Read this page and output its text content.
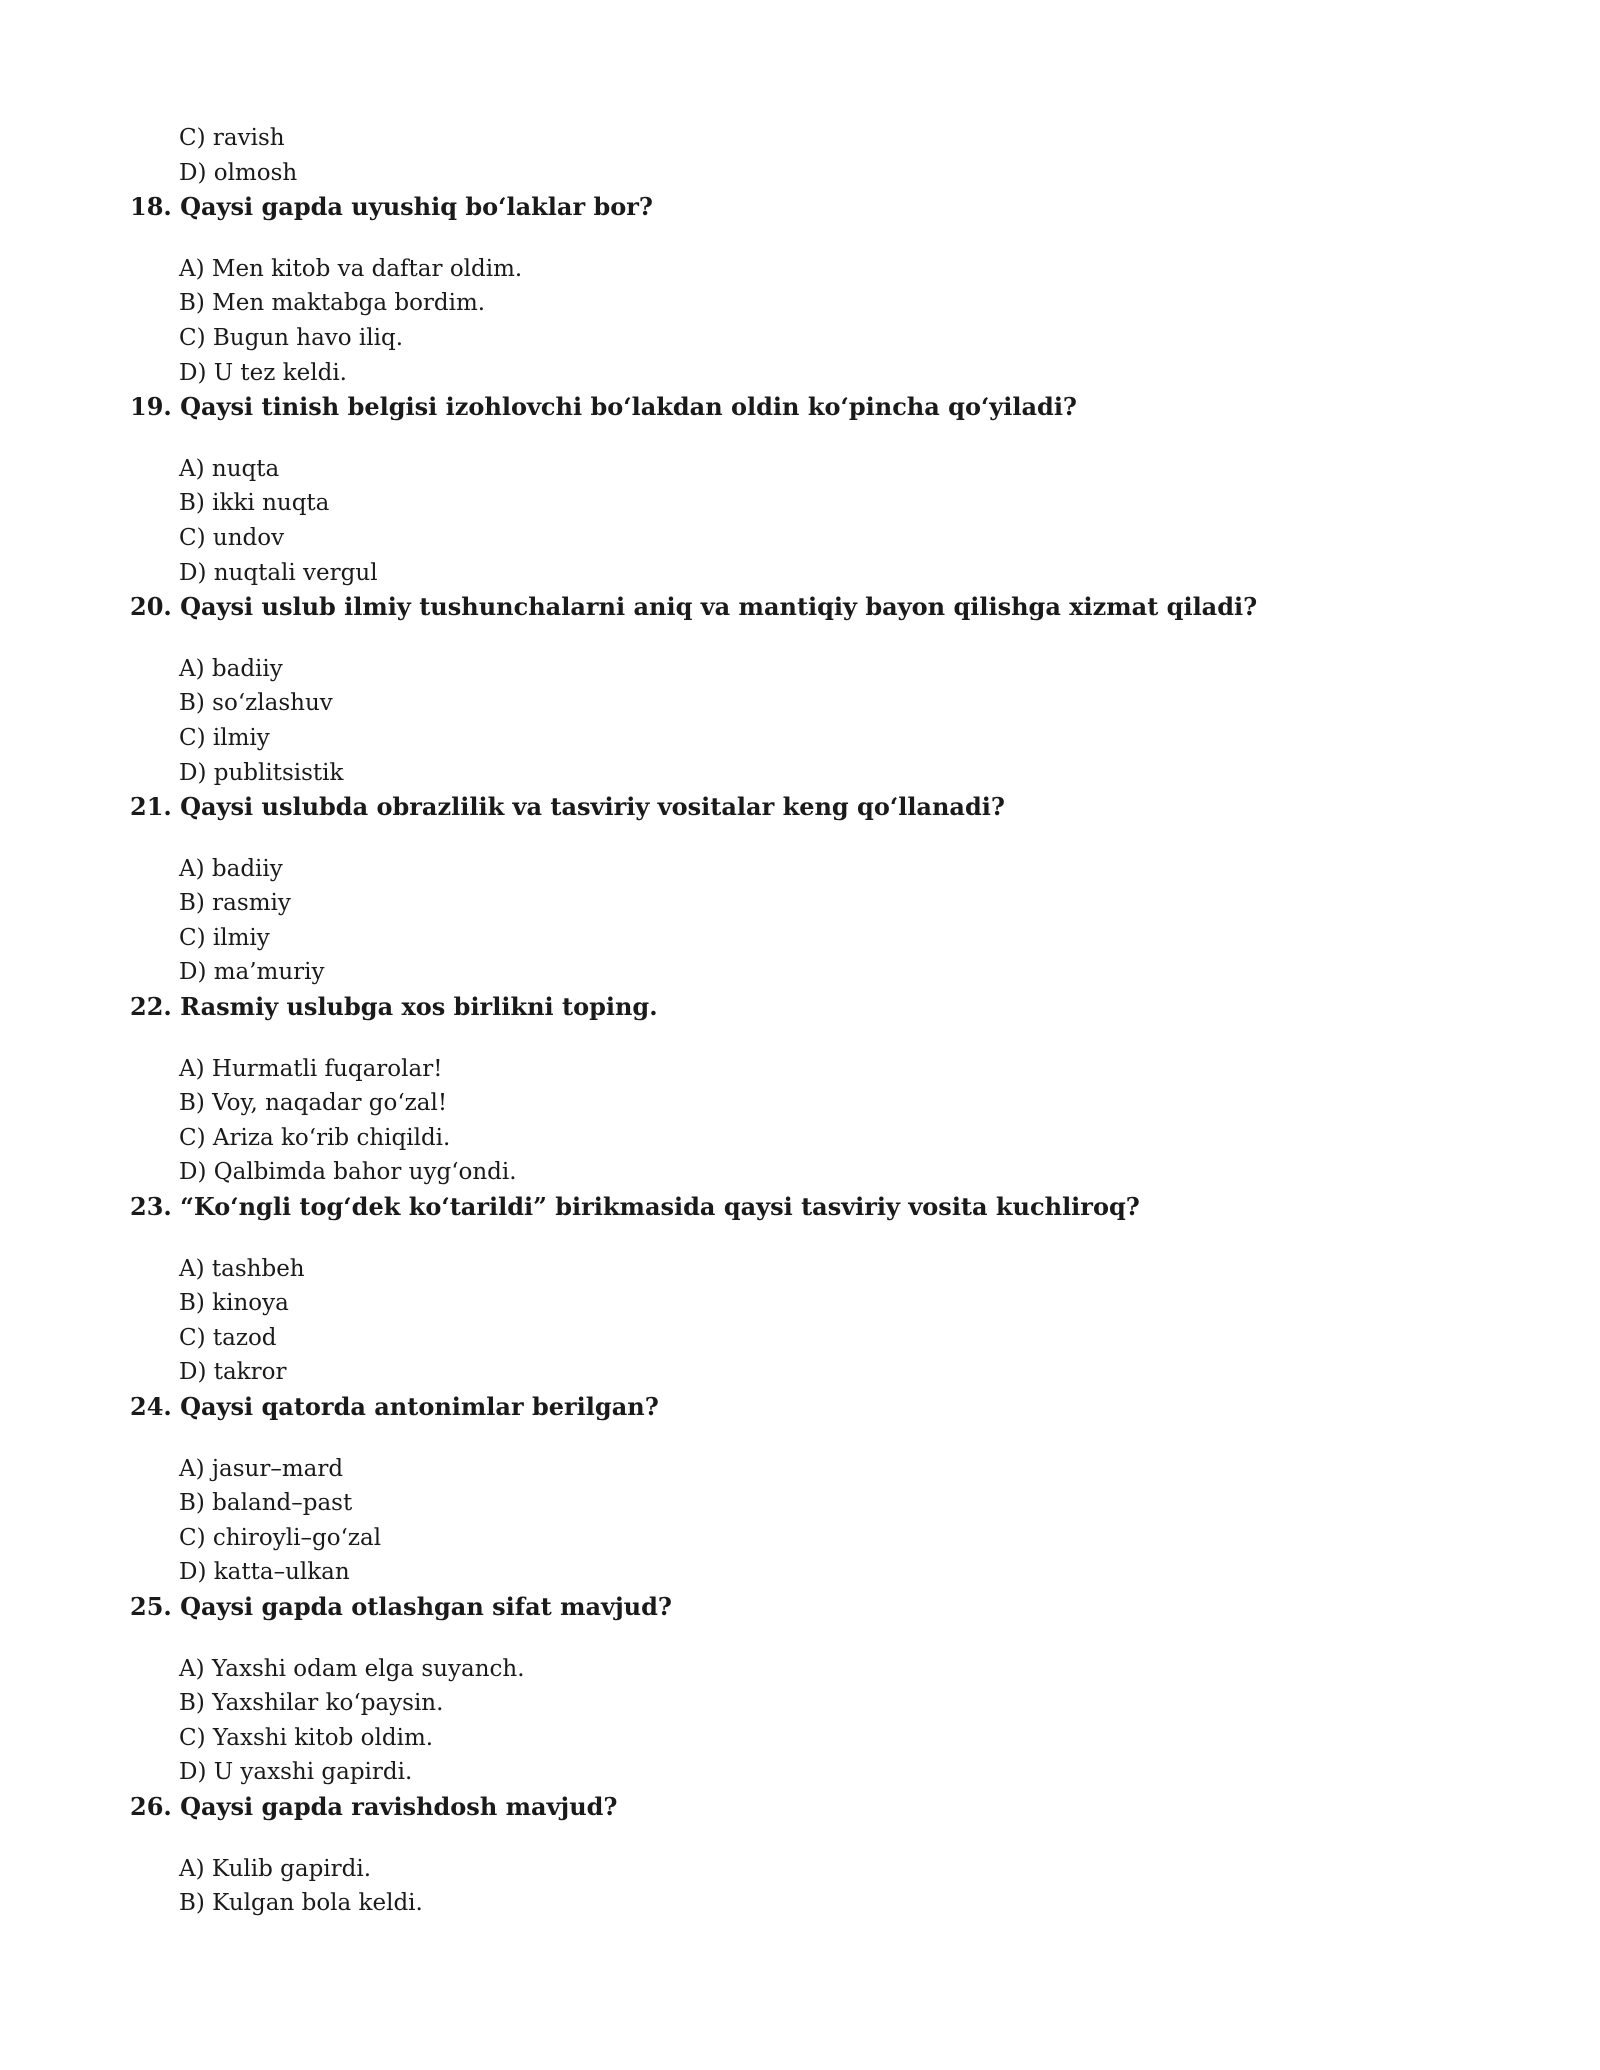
C) ravish
D) olmosh
18. Qaysi gapda uyushiq bo‘laklar bor?
A) Men kitob va daftar oldim.
B) Men maktabga bordim.
C) Bugun havo iliq.
D) U tez keldi.
19. Qaysi tinish belgisi izohlovchi bo‘lakdan oldin ko‘pincha qo‘yiladi?
A) nuqta
B) ikki nuqta
C) undov
D) nuqtali vergul
20. Qaysi uslub ilmiy tushunchalarni aniq va mantiqiy bayon qilishga xizmat qiladi?
A) badiiy
B) so‘zlashuv
C) ilmiy
D) publitsistik
21. Qaysi uslubda obrazlilik va tasviriy vositalar keng qo‘llanadi?
A) badiiy
B) rasmiy
C) ilmiy
D) ma’muriy
22. Rasmiy uslubga xos birlikni toping.
A) Hurmatli fuqarolar!
B) Voy, naqadar go‘zal!
C) Ariza ko‘rib chiqildi.
D) Qalbimda bahor uyg‘ondi.
23. “Ko‘ngli tog‘dek ko‘tarildi” birikmasida qaysi tasviriy vosita kuchliroq?
A) tashbeh
B) kinoya
C) tazod
D) takror
24. Qaysi qatorda antonimlar berilgan?
A) jasur–mard
B) baland–past
C) chiroyli–go‘zal
D) katta–ulkan
25. Qaysi gapda otlashgan sifat mavjud?
A) Yaxshi odam elga suyanch.
B) Yaxshilar ko‘paysin.
C) Yaxshi kitob oldim.
D) U yaxshi gapirdi.
26. Qaysi gapda ravishdosh mavjud?
A) Kulib gapirdi.
B) Kulgan bola keldi.
